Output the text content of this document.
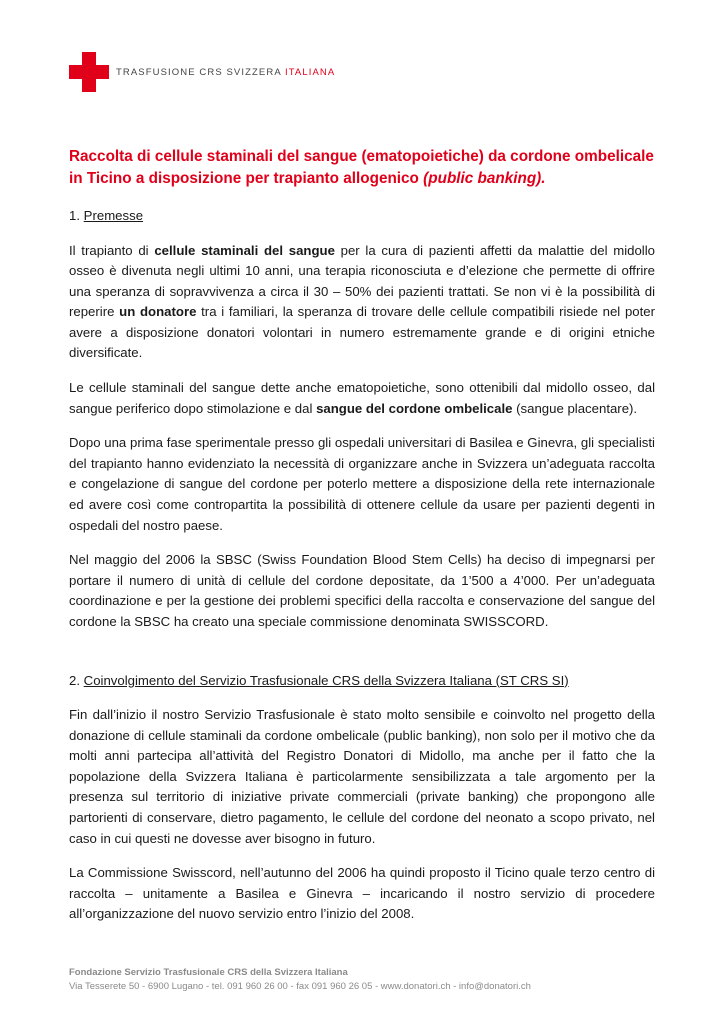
TRASFUSIONE CRS SVIZZERA ITALIANA
Raccolta di cellule staminali del sangue (ematopoietiche) da cordone ombelicale in Ticino a disposizione per trapianto allogenico (public banking).
1. Premesse

Il trapianto di cellule staminali del sangue per la cura di pazienti affetti da malattie del midollo osseo è divenuta negli ultimi 10 anni, una terapia riconosciuta e d’elezione che permette di offrire una speranza di sopravvivenza a circa il 30 – 50% dei pazienti trattati. Se non vi è la possibilità di reperire un donatore tra i familiari, la speranza di trovare delle cellule compatibili risiede nel poter avere a disposizione donatori volontari in numero estremamente grande e di origini etniche diversificate.

Le cellule staminali del sangue dette anche ematopoietiche, sono ottenibili dal midollo osseo, dal sangue periferico dopo stimolazione e dal sangue del cordone ombelicale (sangue placentare).

Dopo una prima fase sperimentale presso gli ospedali universitari di Basilea e Ginevra, gli specialisti del trapianto hanno evidenziato la necessità di organizzare anche in Svizzera un’adeguata raccolta e congelazione di sangue del cordone per poterlo mettere a disposizione della rete internazionale ed avere così come contropartita la possibilità di ottenere cellule da usare per pazienti degenti in ospedali del nostro paese.

Nel maggio del 2006 la SBSC (Swiss Foundation Blood Stem Cells) ha deciso di impegnarsi per portare il numero di unità di cellule del cordone depositate, da 1’500 a 4’000. Per un’adeguata coordinazione e per la gestione dei problemi specifici della raccolta e conservazione del sangue del cordone la SBSC ha creato una speciale commissione denominata SWISSCORD.

2. Coinvolgimento del Servizio Trasfusionale CRS della Svizzera Italiana (ST CRS SI)

Fin dall’inizio il nostro Servizio Trasfusionale è stato molto sensibile e coinvolto nel progetto della donazione di cellule staminali da cordone ombelicale (public banking), non solo per il motivo che da molti anni partecipa all’attività del Registro Donatori di Midollo, ma anche per il fatto che la popolazione della Svizzera Italiana è particolarmente sensibilizzata a tale argomento per la presenza sul territorio di iniziative private commerciali (private banking) che propongono alle partorienti di conservare, dietro pagamento, le cellule del cordone del neonato a scopo privato, nel caso in cui questi ne dovesse aver bisogno in futuro.

La Commissione Swisscord, nell’autunno del 2006 ha quindi proposto il Ticino quale terzo centro di raccolta – unitamente a Basilea e Ginevra – incaricando il nostro servizio di procedere all’organizzazione del nuovo servizio entro l’inizio del 2008.

Fondazione Servizio Trasfusionale CRS della Svizzera Italiana
Via Tesserete 50 - 6900 Lugano - tel. 091 960 26 00 - fax 091 960 26 05 - www.donatori.ch - info@donatori.ch
